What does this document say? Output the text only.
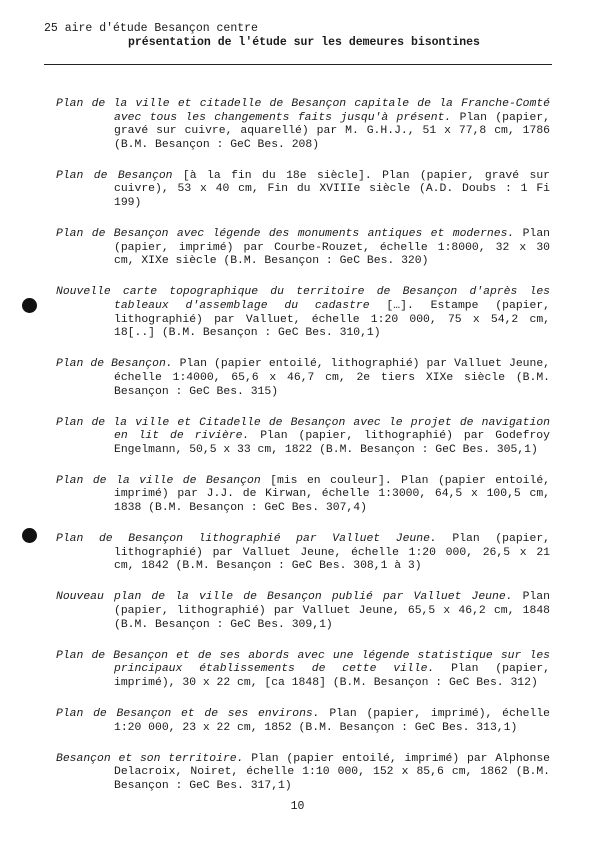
25 aire d'étude Besançon centre
présentation de l'étude sur les demeures bisontines

Plan de la ville et citadelle de Besançon capitale de la Franche-Comté avec tous les changements faits jusqu'à présent. Plan (papier, gravé sur cuivre, aquarellé) par M. G.H.J., 51 x 77,8 cm, 1786 (B.M. Besançon : GeC Bes. 208)

Plan de Besançon [à la fin du 18e siècle]. Plan (papier, gravé sur cuivre), 53 x 40 cm, Fin du XVIIIe siècle (A.D. Doubs : 1 Fi 199)

Plan de Besançon avec légende des monuments antiques et modernes. Plan (papier, imprimé) par Courbe-Rouzet, échelle 1:8000, 32 x 30 cm, XIXe siècle (B.M. Besançon : GeC Bes. 320)

Nouvelle carte topographique du territoire de Besançon d'après les tableaux d'assemblage du cadastre […]. Estampe (papier, lithographié) par Valluet, échelle 1:20 000, 75 x 54,2 cm, 18[..] (B.M. Besançon : GeC Bes. 310,1)

Plan de Besançon. Plan (papier entoilé, lithographié) par Valluet Jeune, échelle 1:4000, 65,6 x 46,7 cm, 2e tiers XIXe siècle (B.M. Besançon : GeC Bes. 315)

Plan de la ville et Citadelle de Besançon avec le projet de navigation en lit de rivière. Plan (papier, lithographié) par Godefroy Engelmann, 50,5 x 33 cm, 1822 (B.M. Besançon : GeC Bes. 305,1)

Plan de la ville de Besançon [mis en couleur]. Plan (papier entoilé, imprimé) par J.J. de Kirwan, échelle 1:3000, 64,5 x 100,5 cm, 1838 (B.M. Besançon : GeC Bes. 307,4)

Plan de Besançon lithographié par Valluet Jeune. Plan (papier, lithographié) par Valluet Jeune, échelle 1:20 000, 26,5 x 21 cm, 1842 (B.M. Besançon : GeC Bes. 308,1 à 3)

Nouveau plan de la ville de Besançon publié par Valluet Jeune. Plan (papier, lithographié) par Valluet Jeune, 65,5 x 46,2 cm, 1848 (B.M. Besançon : GeC Bes. 309,1)

Plan de Besançon et de ses abords avec une légende statistique sur les principaux établissements de cette ville. Plan (papier, imprimé), 30 x 22 cm, [ca 1848] (B.M. Besançon : GeC Bes. 312)

Plan de Besançon et de ses environs. Plan (papier, imprimé), échelle 1:20 000, 23 x 22 cm, 1852 (B.M. Besançon : GeC Bes. 313,1)

Besançon et son territoire. Plan (papier entoilé, imprimé) par Alphonse Delacroix, Noiret, échelle 1:10 000, 152 x 85,6 cm, 1862 (B.M. Besançon : GeC Bes. 317,1)

10
